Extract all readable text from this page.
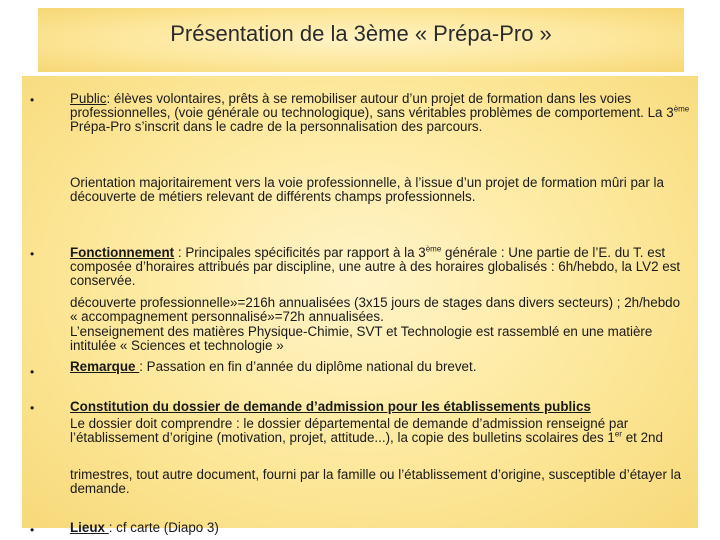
Présentation de la 3ème « Prépa-Pro »
•	Public: élèves volontaires, prêts à se remobiliser autour d’un projet de formation dans les voies professionnelles, (voie générale ou technologique), sans véritables problèmes de comportement. La 3ème Prépa-Pro s’inscrit dans le cadre de la personnalisation des parcours.
Orientation majoritairement vers la voie professionnelle, à l’issue d’un projet de formation mûri par la découverte de métiers relevant de différents champs professionnels.
•	Fonctionnement : Principales spécificités par rapport à la 3ème générale : Une partie de l’E. du T. est composée d’horaires attribués par discipline, une autre à des horaires globalisés : 6h/hebdo, la LV2 est conservée.
découverte professionnelle»=216h annualisées (3x15 jours de stages dans divers secteurs) ; 2h/hebdo « accompagnement personnalisé»=72h annualisées.
L’enseignement des matières Physique-Chimie, SVT et Technologie est rassemblé en une matière intitulée « Sciences et technologie »
•	Remarque : Passation en fin d’année du diplôme national du brevet.
•	Constitution du dossier de demande d’admission pour les établissements publics
Le dossier doit comprendre : le dossier départemental de demande d’admission renseigné par l’établissement d’origine (motivation, projet, attitude...), la copie des bulletins scolaires des 1er et 2nd
trimestres, tout autre document, fourni par la famille ou l’établissement d’origine, susceptible d’étayer la demande.
•	Lieux : cf carte (Diapo 3)
